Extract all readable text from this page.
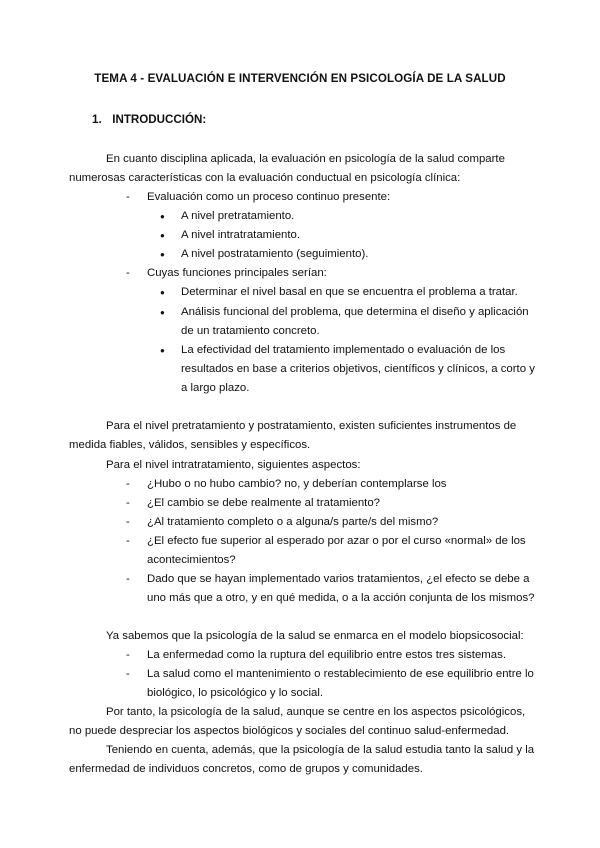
TEMA 4 - EVALUACIÓN E INTERVENCIÓN EN PSICOLOGÍA DE LA SALUD
1. INTRODUCCIÓN:
En cuanto disciplina aplicada, la evaluación en psicología de la salud comparte
numerosas características con la evaluación conductual en psicología clínica:
- Evaluación como un proceso continuo presente:
● A nivel pretratamiento.
● A nivel intratratamiento.
● A nivel postratamiento (seguimiento).
- Cuyas funciones principales serían:
● Determinar el nivel basal en que se encuentra el problema a tratar.
● Análisis funcional del problema, que determina el diseño y aplicación
de un tratamiento concreto.
● La efectividad del tratamiento implementado o evaluación de los
resultados en base a criterios objetivos, científicos y clínicos, a corto y
a largo plazo.
Para el nivel pretratamiento y postratamiento, existen suficientes instrumentos de
medida fiables, válidos, sensibles y específicos.
Para el nivel intratratamiento, siguientes aspectos:
- ¿Hubo o no hubo cambio? no, y deberían contemplarse los
- ¿El cambio se debe realmente al tratamiento?
- ¿Al tratamiento completo o a alguna/s parte/s del mismo?
- ¿El efecto fue superior al esperado por azar o por el curso «normal» de los
acontecimientos?
- Dado que se hayan implementado varios tratamientos, ¿el efecto se debe a
uno más que a otro, y en qué medida, o a la acción conjunta de los mismos?
Ya sabemos que la psicología de la salud se enmarca en el modelo biopsicosocial:
- La enfermedad como la ruptura del equilibrio entre estos tres sistemas.
- La salud como el mantenimiento o restablecimiento de ese equilibrio entre lo
biológico, lo psicológico y lo social.
Por tanto, la psicología de la salud, aunque se centre en los aspectos psicológicos,
no puede despreciar los aspectos biológicos y sociales del continuo salud-enfermedad.
Teniendo en cuenta, además, que la psicología de la salud estudia tanto la salud y la
enfermedad de individuos concretos, como de grupos y comunidades.
